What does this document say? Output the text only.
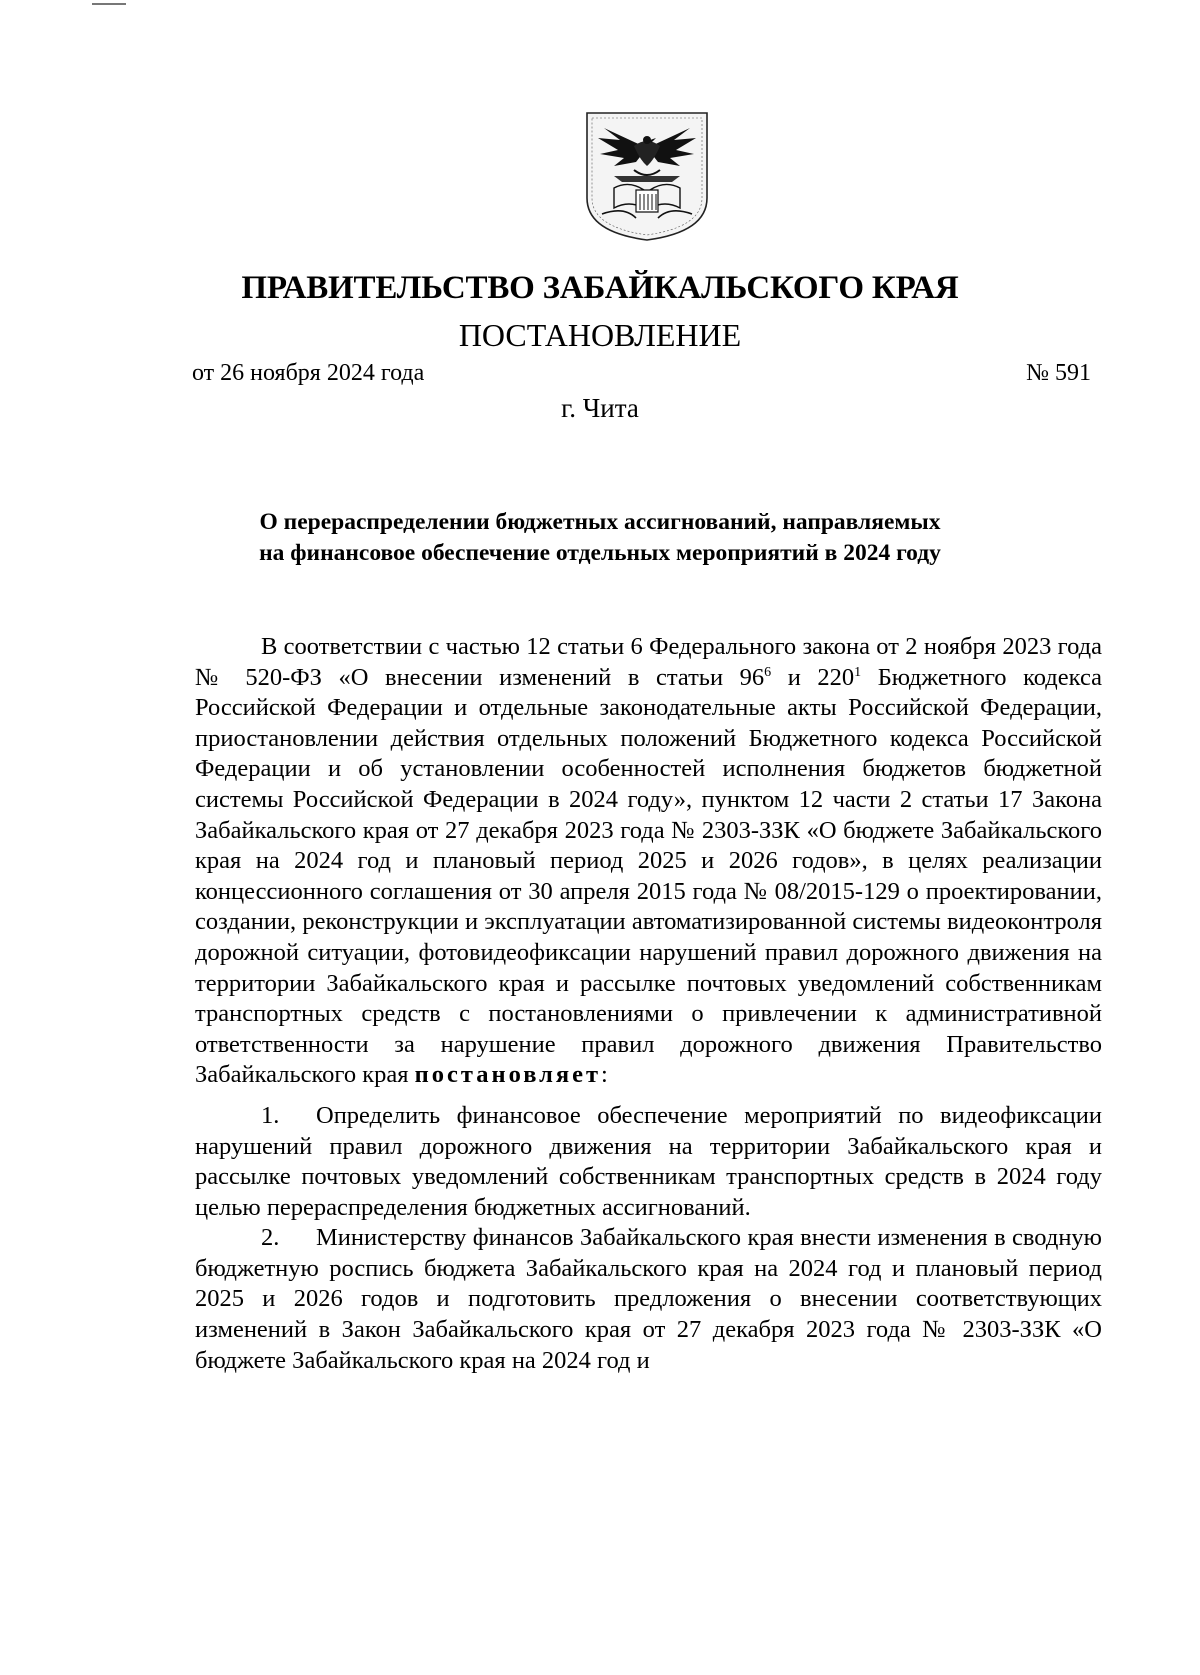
ПРАВИТЕЛЬСТВО ЗАБАЙКАЛЬСКОГО КРАЯ
ПОСТАНОВЛЕНИЕ
от 26 ноября 2024 года	№ 591
г. Чита
О перераспределении бюджетных ассигнований, направляемых
на финансовое обеспечение отдельных мероприятий в 2024 году

В соответствии с частью 12 статьи 6 Федерального закона от 2 ноября 2023 года № 520-ФЗ «О внесении изменений в статьи $96^6$ и $220^1$ Бюджетного кодекса Российской Федерации и отдельные законодательные акты Российской Федерации, приостановлении действия отдельных положений Бюджетного кодекса Российской Федерации и об установлении особенностей исполнения бюджетов бюджетной системы Российской Федерации в 2024 году», пунктом 12 части 2 статьи 17 Закона Забайкальского края от 27 декабря 2023 года № 2303-ЗЗК «О бюджете Забайкальского края на 2024 год и плановый период 2025 и 2026 годов», в целях реализации концессионного соглашения от 30 апреля 2015 года № 08/2015-129 о проектировании, создании, реконструкции и эксплуатации автоматизированной системы видеоконтроля дорожной ситуации, фотовидеофиксации нарушений правил дорожного движения на территории Забайкальского края и рассылке почтовых уведомлений собственникам транспортных средств с постановлениями о привлечении к административной ответственности за нарушение правил дорожного движения Правительство Забайкальского края постановляет:

1. Определить финансовое обеспечение мероприятий по видеофиксации нарушений правил дорожного движения на территории Забайкальского края и рассылке почтовых уведомлений собственникам транспортных средств в 2024 году целью перераспределения бюджетных ассигнований.

2. Министерству финансов Забайкальского края внести изменения в сводную бюджетную роспись бюджета Забайкальского края на 2024 год и плановый период 2025 и 2026 годов и подготовить предложения о внесении соответствующих изменений в Закон Забайкальского края от 27 декабря 2023 года № 2303-ЗЗК «О бюджете Забайкальского края на 2024 год и
